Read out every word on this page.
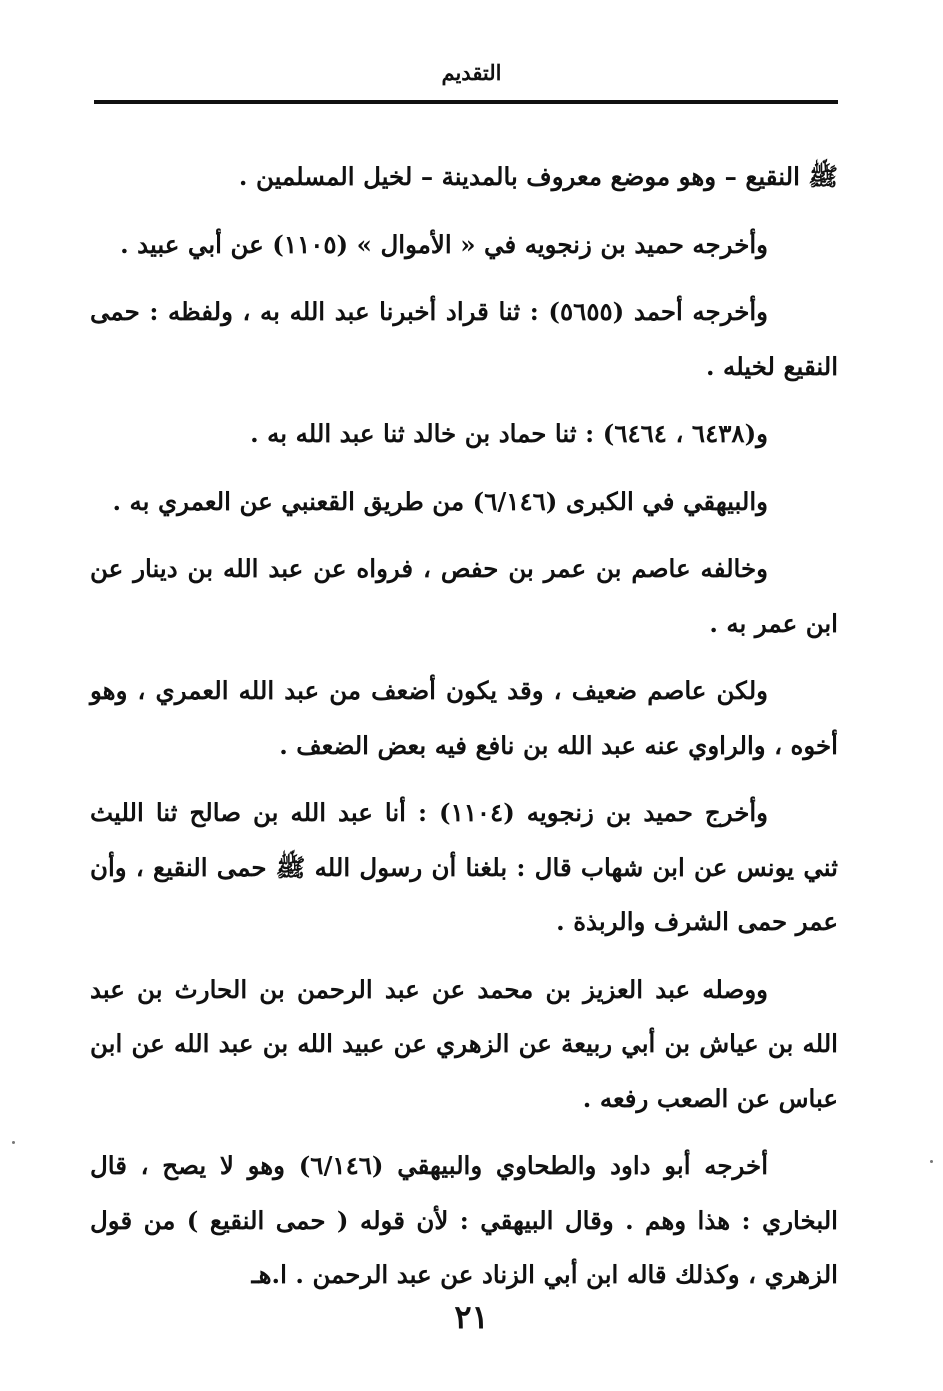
التقديم

ﷺ النقيع – وهو موضع معروف بالمدينة – لخيل المسلمين .

وأخرجه حميد بن زنجويه في « الأموال » (١١٠٥) عن أبي عبيد .

وأخرجه أحمد (٥٦٥٥) : ثنا قراد أخبرنا عبد الله به ، ولفظه : حمى النقيع لخيله .

و(٦٤٣٨ ، ٦٤٦٤) : ثنا حماد بن خالد ثنا عبد الله به .

والبيهقي في الكبرى (٦/١٤٦) من طريق القعنبي عن العمري به .

وخالفه عاصم بن عمر بن حفص ، فرواه عن عبد الله بن دينار عن ابن عمر به .

ولكن عاصم ضعيف ، وقد يكون أضعف من عبد الله العمري ، وهو أخوه ، والراوي عنه عبد الله بن نافع فيه بعض الضعف .

وأخرج حميد بن زنجويه (١١٠٤) : أنا عبد الله بن صالح ثنا الليث ثني يونس عن ابن شهاب قال : بلغنا أن رسول الله ﷺ حمى النقيع ، وأن عمر حمى الشرف والربذة .

ووصله عبد العزيز بن محمد عن عبد الرحمن بن الحارث بن عبد الله بن عياش بن أبي ربيعة عن الزهري عن عبيد الله بن عبد الله عن ابن عباس عن الصعب رفعه .

أخرجه أبو داود والطحاوي والبيهقي (٦/١٤٦) وهو لا يصح ، قال البخاري : هذا وهم . وقال البيهقي : لأن قوله ( حمى النقيع ) من قول الزهري ، وكذلك قاله ابن أبي الزناد عن عبد الرحمن . ا.هـ

٢١
